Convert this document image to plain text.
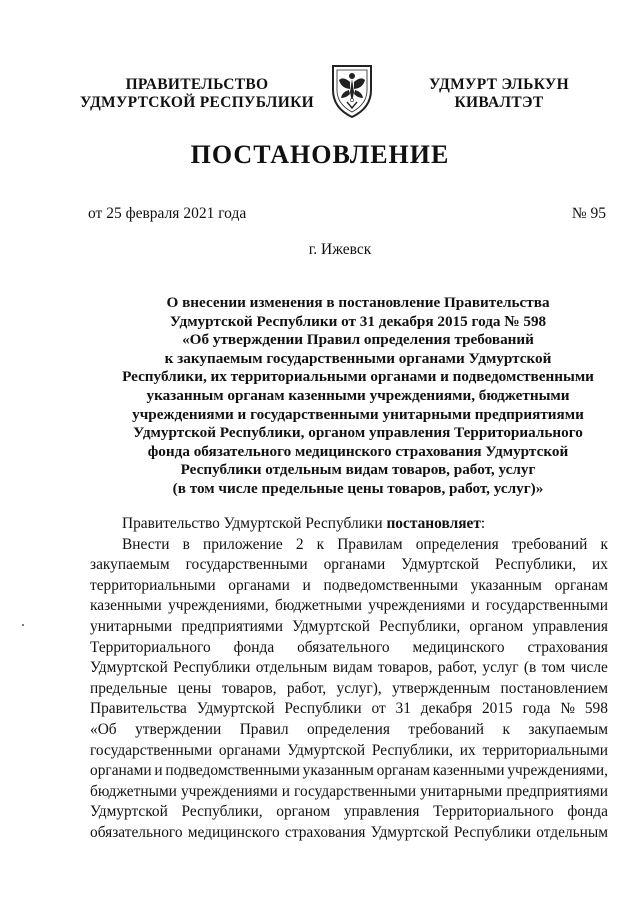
ПРАВИТЕЛЬСТВО
УДМУРТСКОЙ РЕСПУБЛИКИ
УДМУРТ ЭЛЬКУН
КИВАЛТЭТ
ПОСТАНОВЛЕНИЕ
от 25 февраля 2021 года	№ 95
г. Ижевск
О внесении изменения в постановление Правительства
Удмуртской Республики от 31 декабря 2015 года № 598
«Об утверждении Правил определения требований
к закупаемым государственными органами Удмуртской
Республики, их территориальными органами и подведомственными
указанным органам казенными учреждениями, бюджетными
учреждениями и государственными унитарными предприятиями
Удмуртской Республики, органом управления Территориального
фонда обязательного медицинского страхования Удмуртской
Республики отдельным видам товаров, работ, услуг
(в том числе предельные цены товаров, работ, услуг)»
Правительство Удмуртской Республики постановляет :
Внести в приложение 2 к Правилам определения требований к
закупаемым государственными органами Удмуртской Республики, их
территориальными органами и подведомственными указанным органам
казенными учреждениями, бюджетными учреждениями и государственными
унитарными предприятиями Удмуртской Республики, органом управления
Территориального фонда обязательного медицинского страхования
Удмуртской Республики отдельным видам товаров, работ, услуг (в том числе
предельные цены товаров, работ, услуг), утвержденным постановлением
Правительства Удмуртской Республики от 31 декабря 2015 года № 598
«Об утверждении Правил определения требований к закупаемым
государственными органами Удмуртской Республики, их территориальными
органами и подведомственными указанным органам казенными учреждениями,
бюджетными учреждениями и государственными унитарными предприятиями
Удмуртской Республики, органом управления Территориального фонда
обязательного медицинского страхования Удмуртской Республики отдельным
